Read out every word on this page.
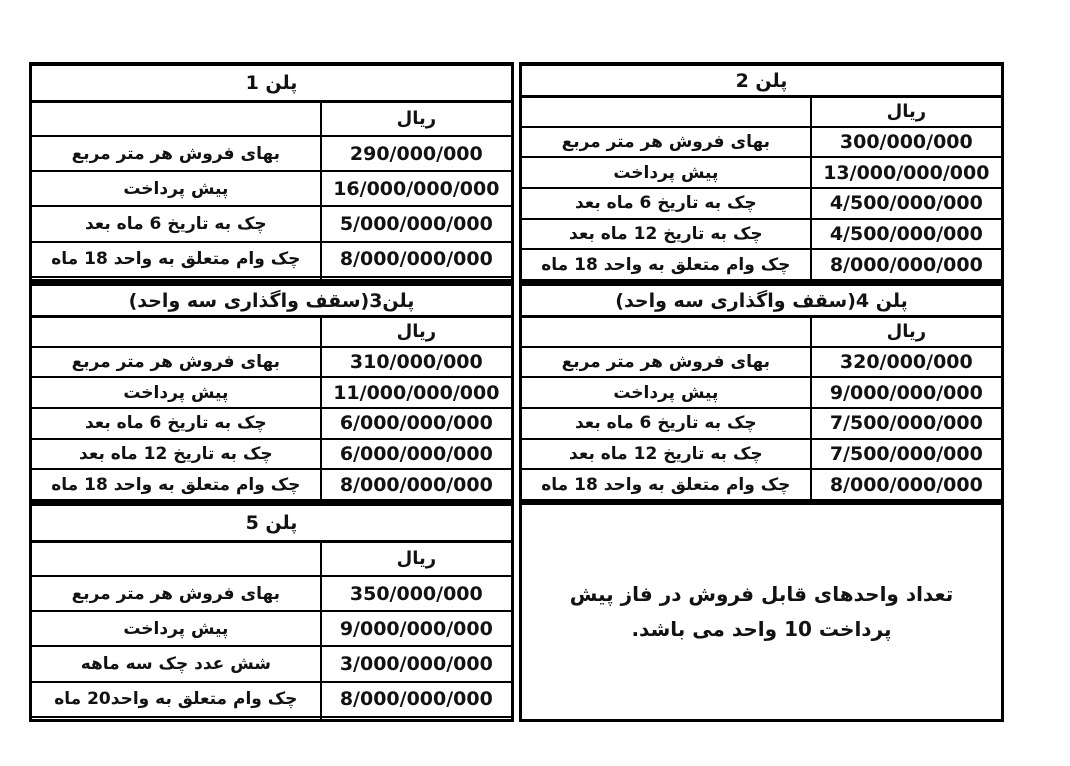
پلن 1	
	ریال
بهای فروش هر متر مربع	290/000/000
پیش پرداخت	16/000/000/000
چک به تاریخ 6 ماه بعد	5/000/000/000
چک وام متعلق به واحد 18 ماه	8/000/000/000

پلن3(سقف واگذاری سه واحد)	
	ریال
بهای فروش هر متر مربع	310/000/000
پیش پرداخت	11/000/000/000
چک به تاریخ 6 ماه بعد	6/000/000/000
چک به تاریخ 12 ماه بعد	6/000/000/000
چک وام متعلق به واحد 18 ماه	8/000/000/000
پلن 5	
	ریال
بهای فروش هر متر مربع	350/000/000
پیش پرداخت	9/000/000/000
شش عدد چک سه ماهه	3/000/000/000
چک وام متعلق به واحد20 ماه	8/000/000/000

پلن 2	
	ریال
بهای فروش هر متر مربع	300/000/000
پیش پرداخت	13/000/000/000
چک به تاریخ 6 ماه بعد	4/500/000/000
چک به تاریخ 12 ماه بعد	4/500/000/000
چک وام متعلق به واحد 18 ماه	8/000/000/000
پلن 4(سقف واگذاری سه واحد)	
	ریال
بهای فروش هر متر مربع	320/000/000
پیش پرداخت	9/000/000/000
چک به تاریخ 6 ماه بعد	7/500/000/000
چک به تاریخ 12 ماه بعد	7/500/000/000
چک وام متعلق به واحد 18 ماه	8/000/000/000
تعداد واحدهای قابل فروش در فاز پیش پرداخت 10 واحد می باشد.
